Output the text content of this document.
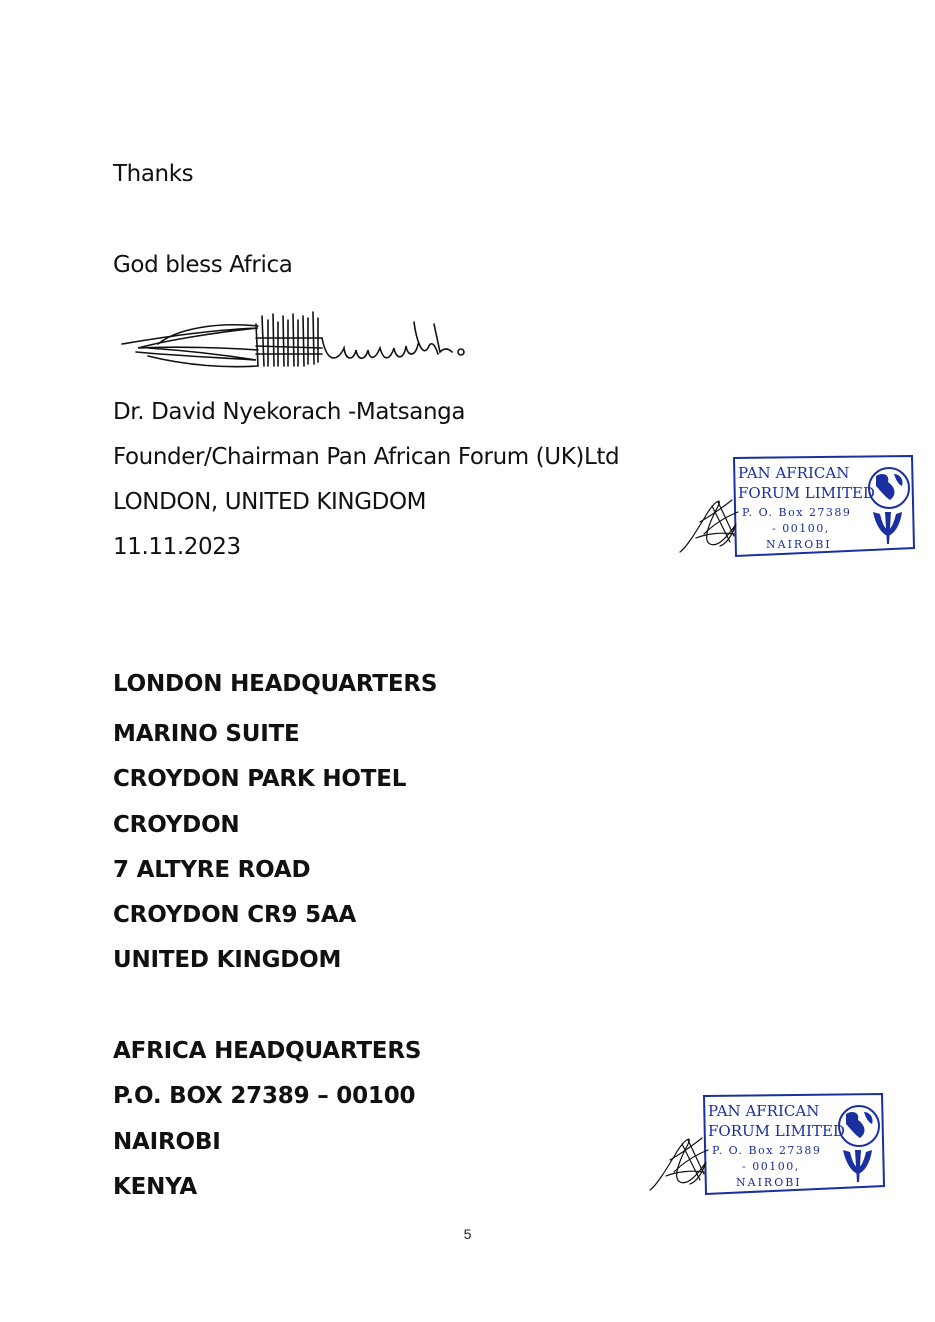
Thanks

God bless Africa

Dr. David Nyekorach -Matsanga

Founder/Chairman Pan African Forum (UK)Ltd

LONDON, UNITED KINGDOM

11.11.2023

PAN AFRICAN
FORUM LIMITED
P. O. Box 27389
- 00100,
NAIROBI

LONDON HEADQUARTERS

MARINO SUITE

CROYDON PARK HOTEL

CROYDON

7 ALTYRE ROAD

CROYDON CR9 5AA

UNITED KINGDOM

AFRICA HEADQUARTERS

P.O. BOX 27389 – 00100

NAIROBI

KENYA

PAN AFRICAN
FORUM LIMITED
P. O. Box 27389
- 00100,
NAIROBI
5
